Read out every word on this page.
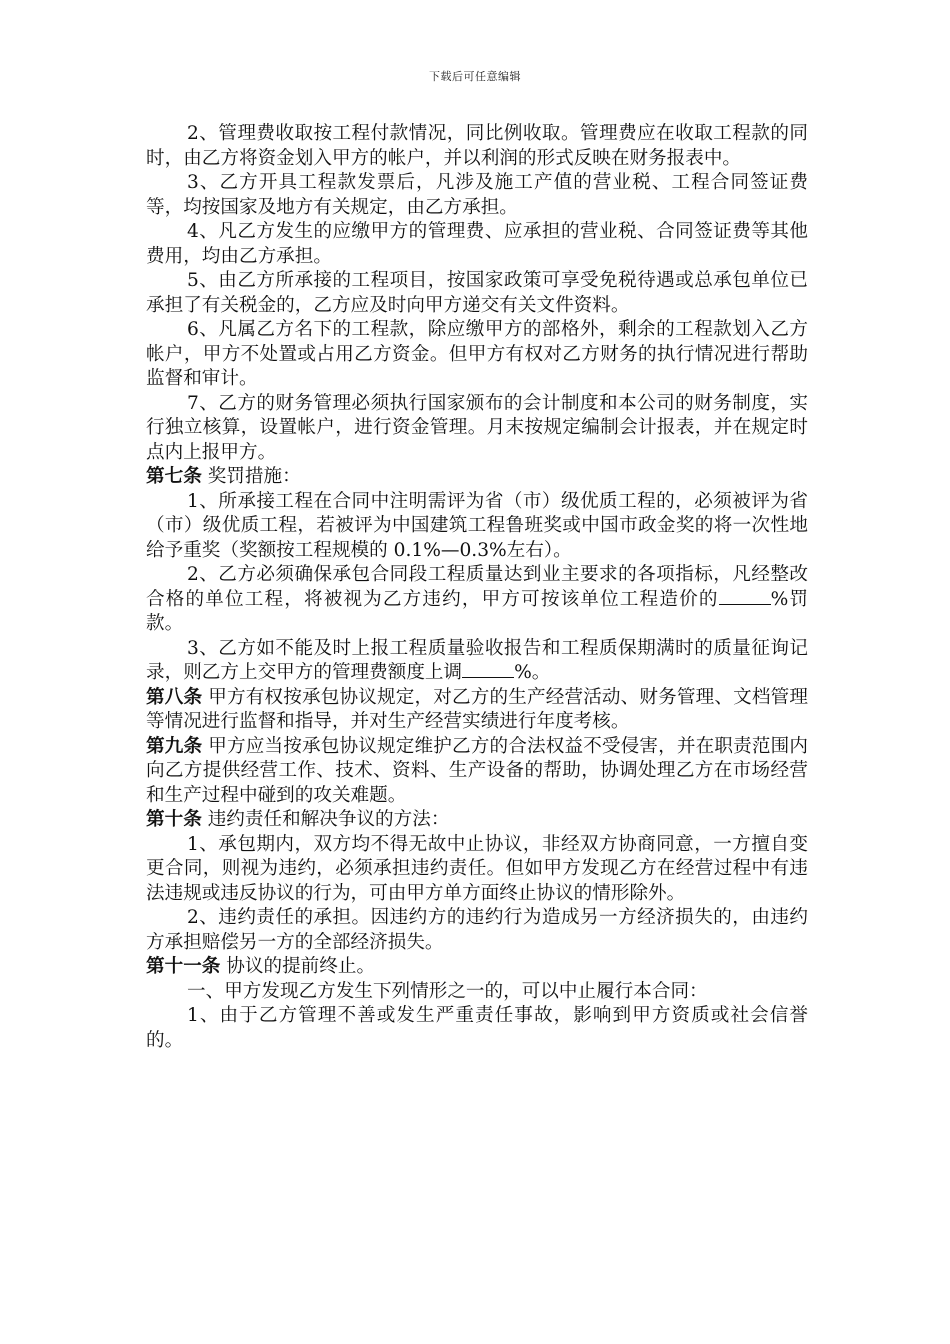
下载后可任意编辑

2、管理费收取按工程付款情况，同比例收取。管理费应在收取工程款的同时，由乙方将资金划入甲方的帐户，并以利润的形式反映在财务报表中。

3、乙方开具工程款发票后，凡涉及施工产值的营业税、工程合同签证费等，均按国家及地方有关规定，由乙方承担。

4、凡乙方发生的应缴甲方的管理费、应承担的营业税、合同签证费等其他费用，均由乙方承担。

5、由乙方所承接的工程项目，按国家政策可享受免税待遇或总承包单位已承担了有关税金的，乙方应及时向甲方递交有关文件资料。

6、凡属乙方名下的工程款，除应缴甲方的部格外，剩余的工程款划入乙方帐户，甲方不处置或占用乙方资金。但甲方有权对乙方财务的执行情况进行帮助监督和审计。

7、乙方的财务管理必须执行国家颁布的会计制度和本公司的财务制度，实行独立核算，设置帐户，进行资金管理。月末按规定编制会计报表，并在规定时点内上报甲方。

第七条 奖罚措施：

1、所承接工程在合同中注明需评为省（市）级优质工程的，必须被评为省（市）级优质工程，若被评为中国建筑工程鲁班奖或中国市政金奖的将一次性地给予重奖（奖额按工程规模的 0.1%—0.3%左右）。

2、乙方必须确保承包合同段工程质量达到业主要求的各项指标，凡经整改合格的单位工程，将被视为乙方违约，甲方可按该单位工程造价的	%罚款。

3、乙方如不能及时上报工程质量验收报告和工程质保期满时的质量征询记录，则乙方上交甲方的管理费额度上调	%。

第八条 甲方有权按承包协议规定，对乙方的生产经营活动、财务管理、文档管理等情况进行监督和指导，并对生产经营实绩进行年度考核。

第九条 甲方应当按承包协议规定维护乙方的合法权益不受侵害，并在职责范围内向乙方提供经营工作、技术、资料、生产设备的帮助，协调处理乙方在市场经营和生产过程中碰到的攻关难题。

第十条 违约责任和解决争议的方法：

1、承包期内，双方均不得无故中止协议，非经双方协商同意，一方擅自变更合同，则视为违约，必须承担违约责任。但如甲方发现乙方在经营过程中有违法违规或违反协议的行为，可由甲方单方面终止协议的情形除外。

2、违约责任的承担。因违约方的违约行为造成另一方经济损失的，由违约方承担赔偿另一方的全部经济损失。

第十一条 协议的提前终止。

一、甲方发现乙方发生下列情形之一的，可以中止履行本合同：

1、由于乙方管理不善或发生严重责任事故，影响到甲方资质或社会信誉的。
